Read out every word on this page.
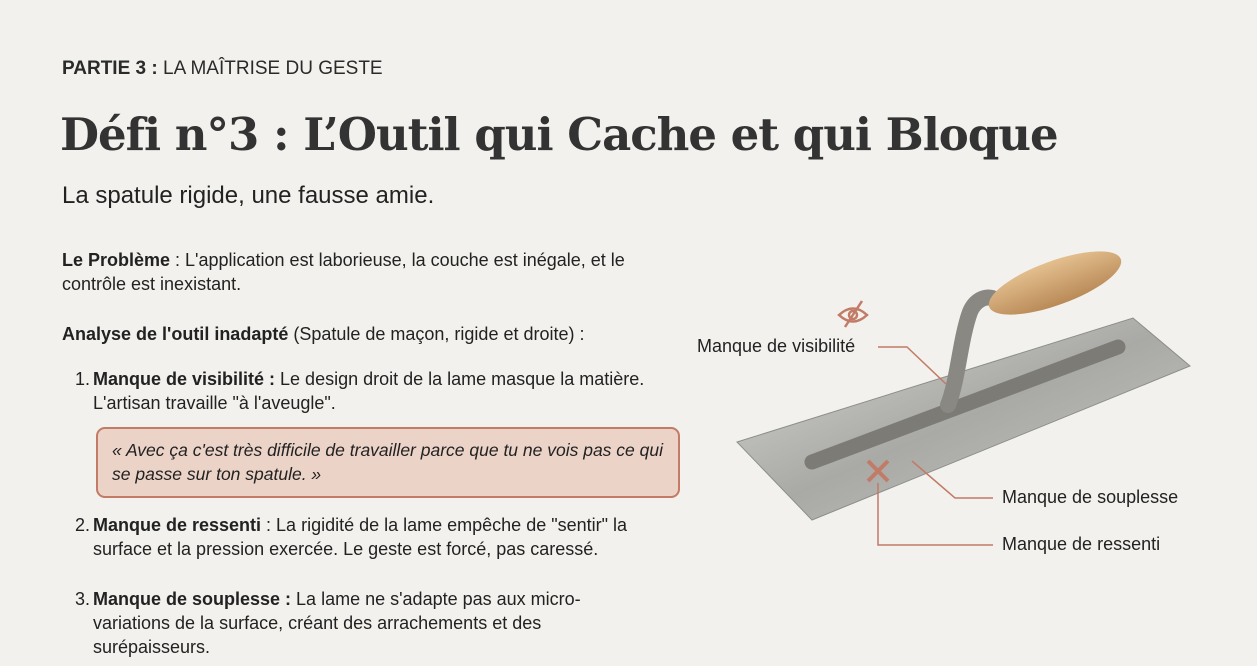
PARTIE 3 : LA MAÎTRISE DU GESTE
Défi n°3 : L’Outil qui Cache et qui Bloque
La spatule rigide, une fausse amie.
Le Problème : L'application est laborieuse, la couche est inégale, et le contrôle est inexistant.
Analyse de l'outil inadapté (Spatule de maçon, rigide et droite) :
1. Manque de visibilité : Le design droit de la lame masque la matière. L'artisan travaille "à l'aveugle".
« Avec ça c'est très difficile de travailler parce que tu ne vois pas ce qui se passe sur ton spatule. »
2. Manque de ressenti : La rigidité de la lame empêche de "sentir" la surface et la pression exercée. Le geste est forcé, pas caressé.
3. Manque de souplesse : La lame ne s'adapte pas aux micro-variations de la surface, créant des arrachements et des surépaisseurs.
Manque de visibilité
Manque de souplesse
Manque de ressenti
